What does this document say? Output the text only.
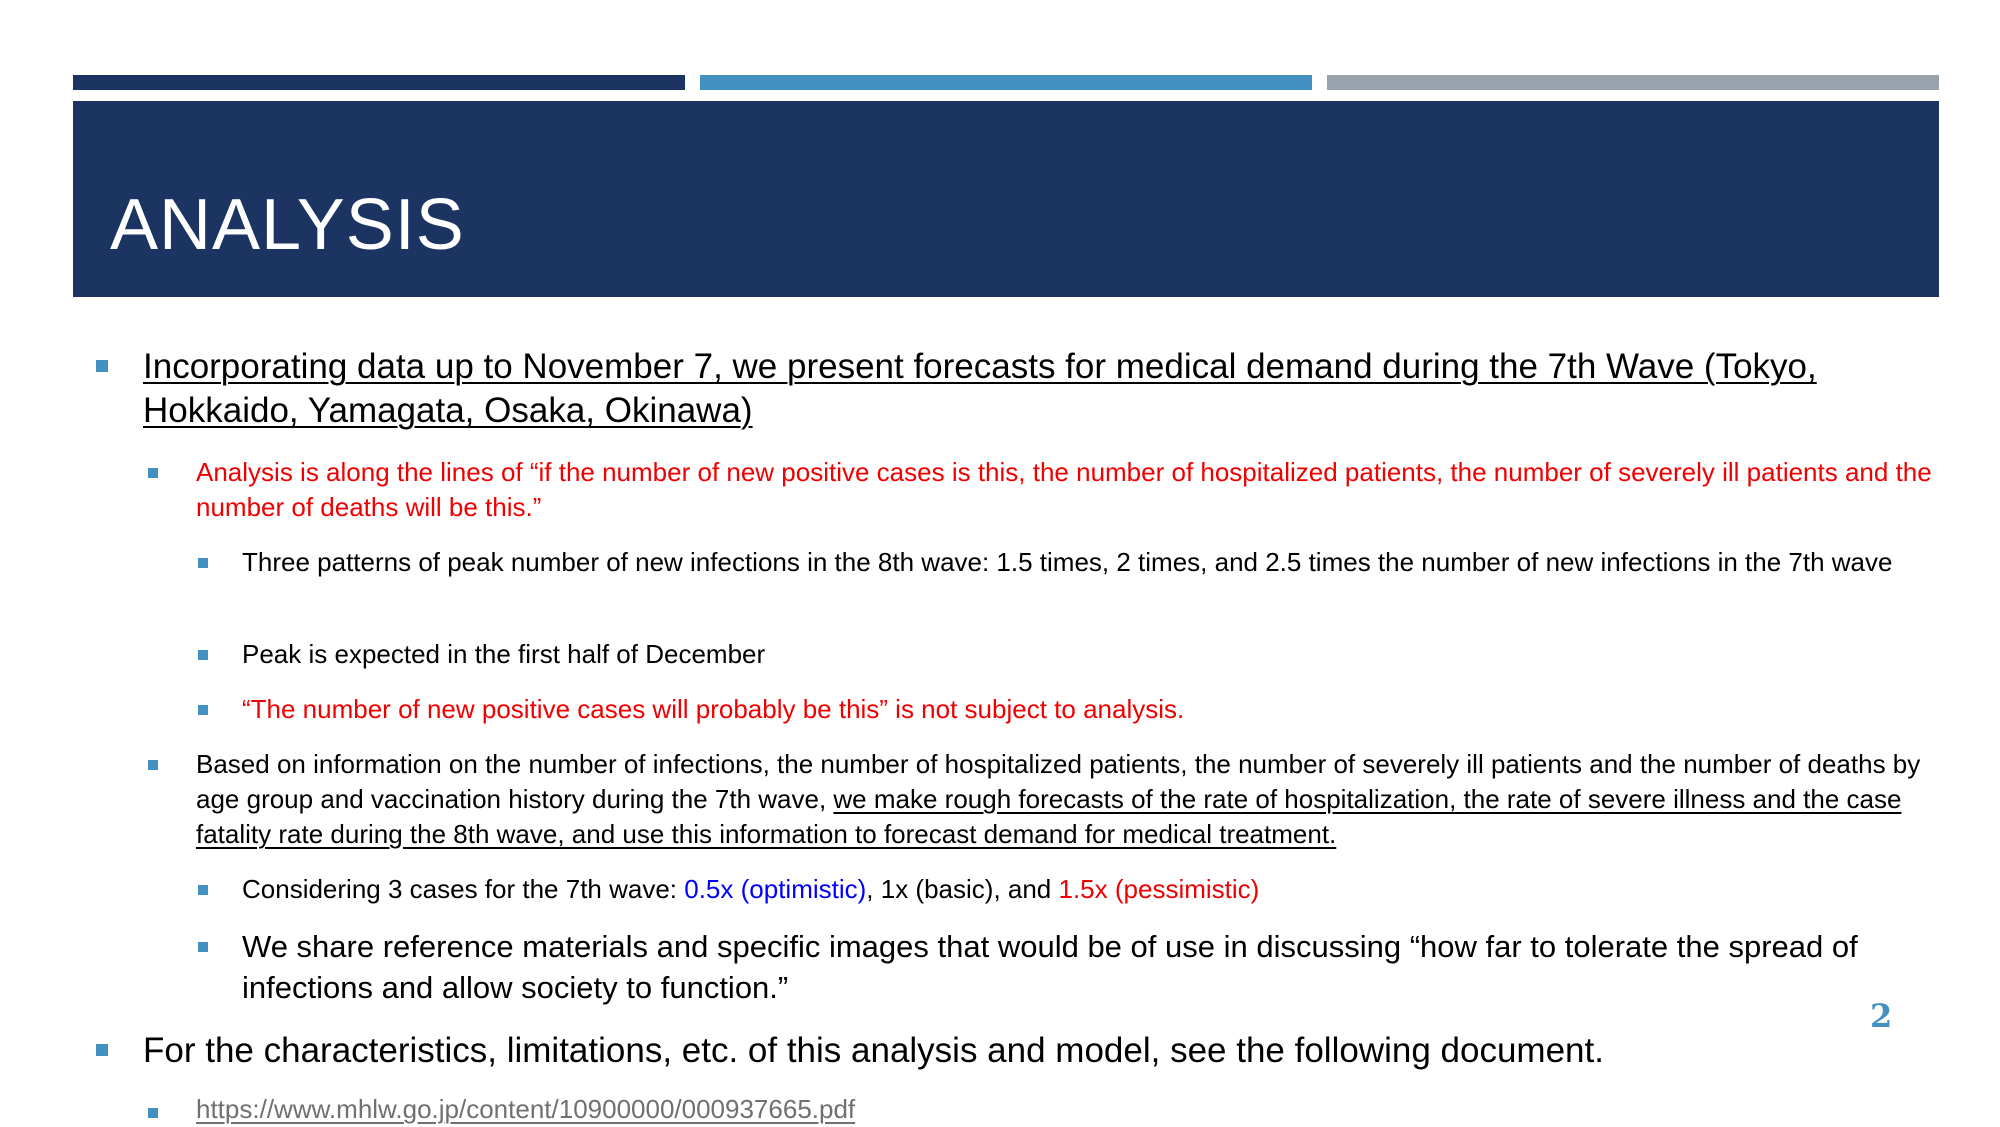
ANALYSIS
Incorporating data up to November 7, we present forecasts for medical demand during the 7th Wave (Tokyo, Hokkaido, Yamagata, Osaka, Okinawa)
Analysis is along the lines of “if the number of new positive cases is this, the number of hospitalized patients, the number of severely ill patients and the number of deaths will be this.”
Three patterns of peak number of new infections in the 8th wave: 1.5 times, 2 times, and 2.5 times the number of new infections in the 7th wave
Peak is expected in the first half of December
“The number of new positive cases will probably be this” is not subject to analysis.
Based on information on the number of infections, the number of hospitalized patients, the number of severely ill patients and the number of deaths by age group and vaccination history during the 7th wave, we make rough forecasts of the rate of hospitalization, the rate of severe illness and the case fatality rate during the 8th wave, and use this information to forecast demand for medical treatment.
Considering 3 cases for the 7th wave: 0.5x (optimistic), 1x (basic), and 1.5x (pessimistic)
We share reference materials and specific images that would be of use in discussing “how far to tolerate the spread of infections and allow society to function.”
For the characteristics, limitations, etc. of this analysis and model, see the following document.
https://www.mhlw.go.jp/content/10900000/000937665.pdf
2
